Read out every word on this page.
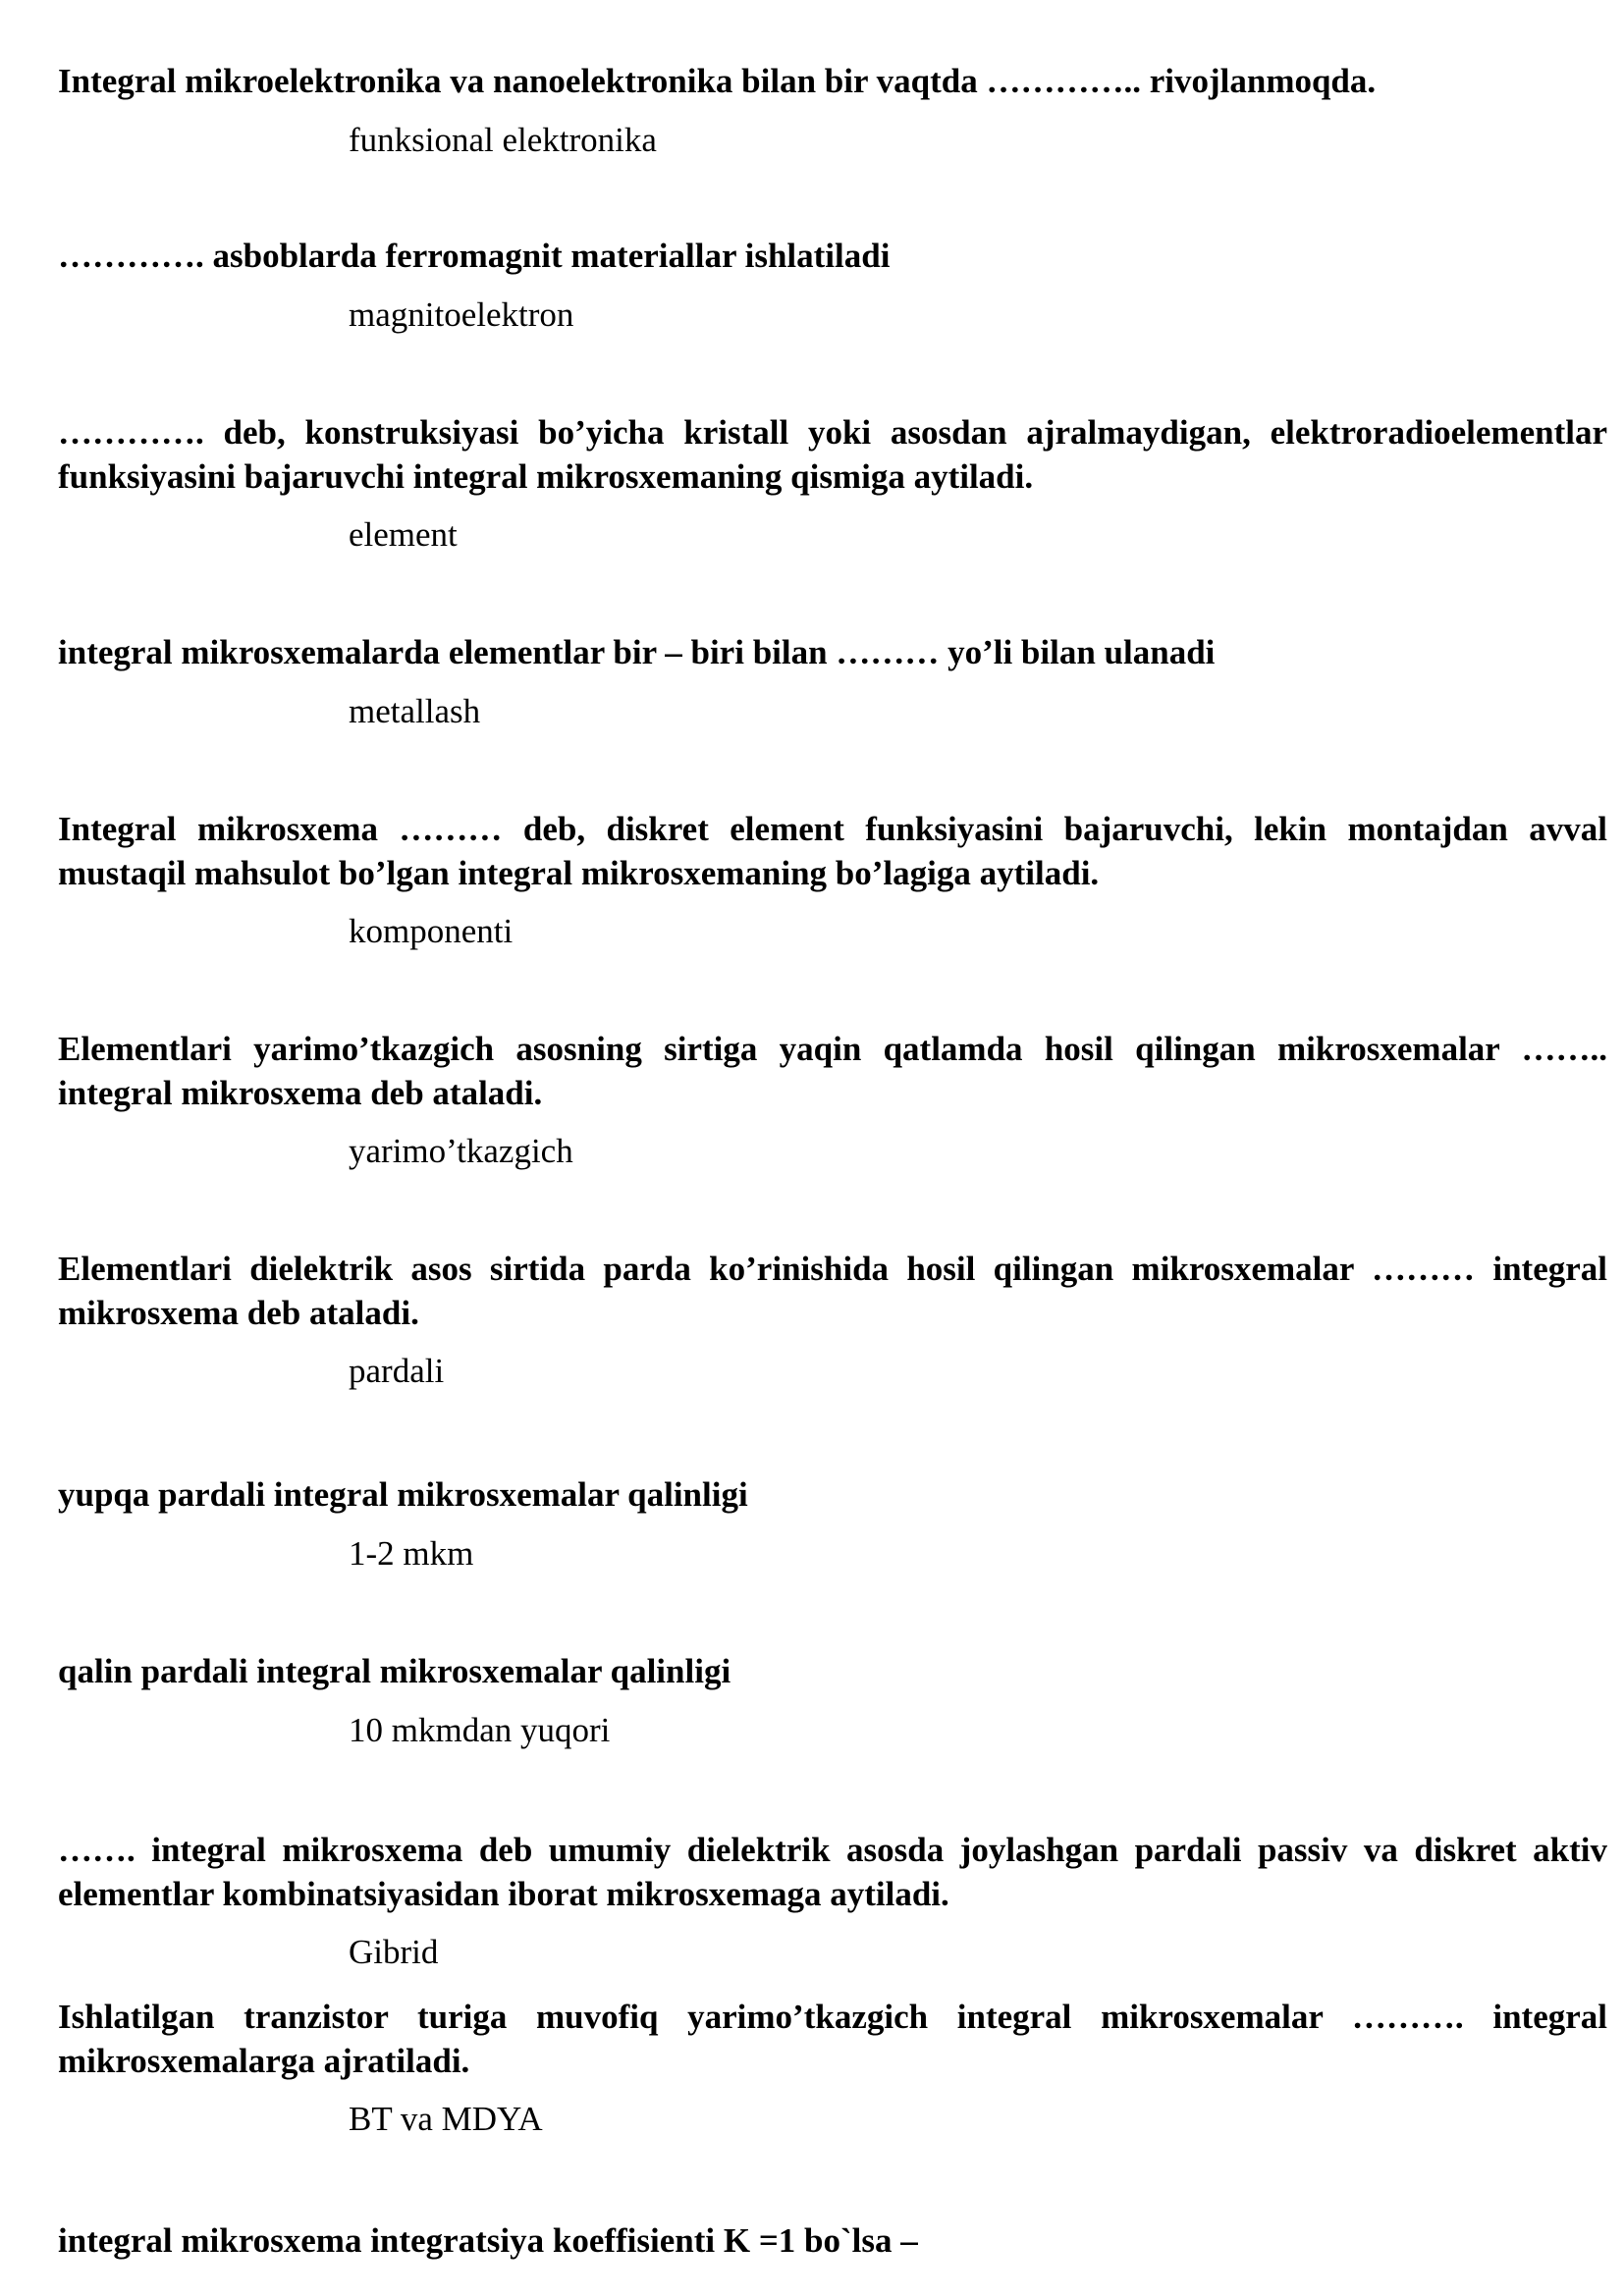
Integral mikroelektronika va nanoelektronika bilan bir vaqtda ………….. rivojlanmoqda.

funksional elektronika

…………. asboblarda ferromagnit materiallar ishlatiladi

magnitoelektron

…………. deb, konstruksiyasi bo’yicha kristall yoki asosdan ajralmaydigan, elektroradioelementlar funksiyasini bajaruvchi integral mikrosxemaning qismiga aytiladi.

element

integral mikrosxemalarda elementlar bir – biri bilan ……… yo’li bilan ulanadi

metallash

Integral mikrosxema ……… deb, diskret element funksiyasini bajaruvchi, lekin montajdan avval mustaqil mahsulot bo’lgan integral mikrosxemaning bo’lagiga aytiladi.

komponenti

Elementlari yarimo’tkazgich asosning sirtiga yaqin qatlamda hosil qilingan mikrosxemalar …….. integral mikrosxema deb ataladi.

yarimo’tkazgich

Elementlari dielektrik asos sirtida parda ko’rinishida hosil qilingan mikrosxemalar ……… integral mikrosxema deb ataladi.

pardali

yupqa pardali integral mikrosxemalar qalinligi

1-2 mkm

qalin pardali integral mikrosxemalar qalinligi

10 mkmdan yuqori

……. integral mikrosxema deb umumiy dielektrik asosda joylashgan pardali passiv va diskret aktiv elementlar kombinatsiyasidan iborat mikrosxemaga aytiladi.

Gibrid

Ishlatilgan tranzistor turiga muvofiq yarimo’tkazgich integral mikrosxemalar ………. integral mikrosxemalarga ajratiladi.

BT va MDYA

integral mikrosxema integratsiya koeffisienti K =1 bo`lsa –
